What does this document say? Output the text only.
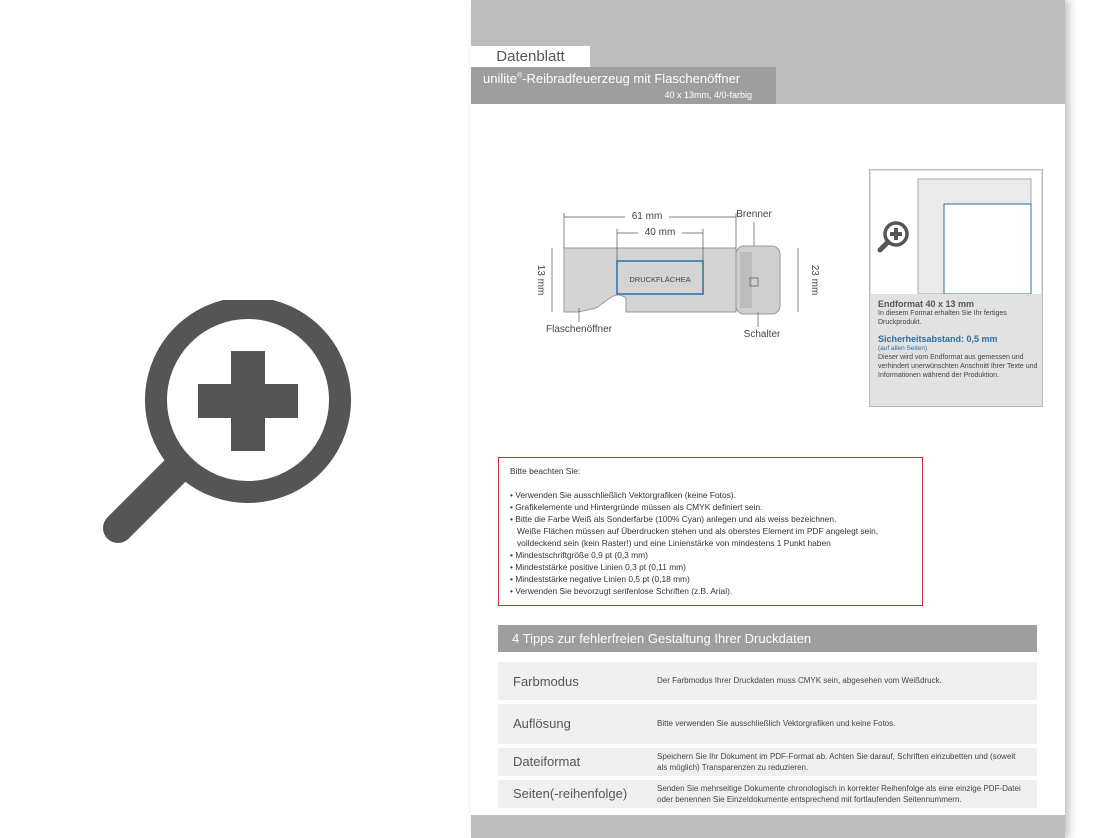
Datenblatt
unilite®-Reibradfeuerzeug mit Flaschenöffner
40 x 13mm, 4/0-farbig
DRUCKFLÄCHEA
61 mm
40 mm
13 mm	23 mm
Brenner
Flaschenöffner	Schalter
Endformat 40 x 13 mm
In diesem Format erhalten Sie Ihr fertiges Druckprodukt.
Sicherheitsabstand: 0,5 mm
(auf allen Seiten)
Dieser wird vom Endformat aus gemessen und verhindert unerwünschten Anschnitt Ihrer Texte und Informationen während der Produktion.
Bitte beachten Sie:
• Verwenden Sie ausschließlich Vektorgrafiken (keine Fotos).
• Grafikelemente und Hintergründe müssen als CMYK definiert sein.
• Bitte die Farbe Weiß als Sonderfarbe (100% Cyan) anlegen und als weiss bezeichnen.
Weiße Flächen müssen auf Überdrucken stehen und als oberstes Element im PDF angelegt sein,
volldeckend sein (kein Raster!) und eine Linienstärke von mindestens 1 Punkt haben
• Mindestschriftgröße 0,9 pt (0,3 mm)
• Mindeststärke positive Linien 0,3 pt (0,11 mm)
• Mindeststärke negative Linien 0,5 pt (0,18 mm)
• Verwenden Sie bevorzugt serifenlose Schriften (z.B. Arial).
4 Tipps zur fehlerfreien Gestaltung Ihrer Druckdaten
Farbmodus	Der Farbmodus Ihrer Druckdaten muss CMYK sein, abgesehen vom Weißdruck.
Auflösung	Bitte verwenden Sie ausschließlich Vektorgrafiken und keine Fotos.
Dateiformat	Speichern Sie Ihr Dokument im PDF-Format ab. Achten Sie darauf, Schriften einzubetten und (soweit als möglich) Transparenzen zu reduzieren.
Seiten(-reihenfolge)	Senden Sie mehrseitige Dokumente chronologisch in korrekter Reihenfolge als eine einzige PDF-Datei oder benennen Sie Einzeldokumente entsprechend mit fortlaufenden Seitennummern.
